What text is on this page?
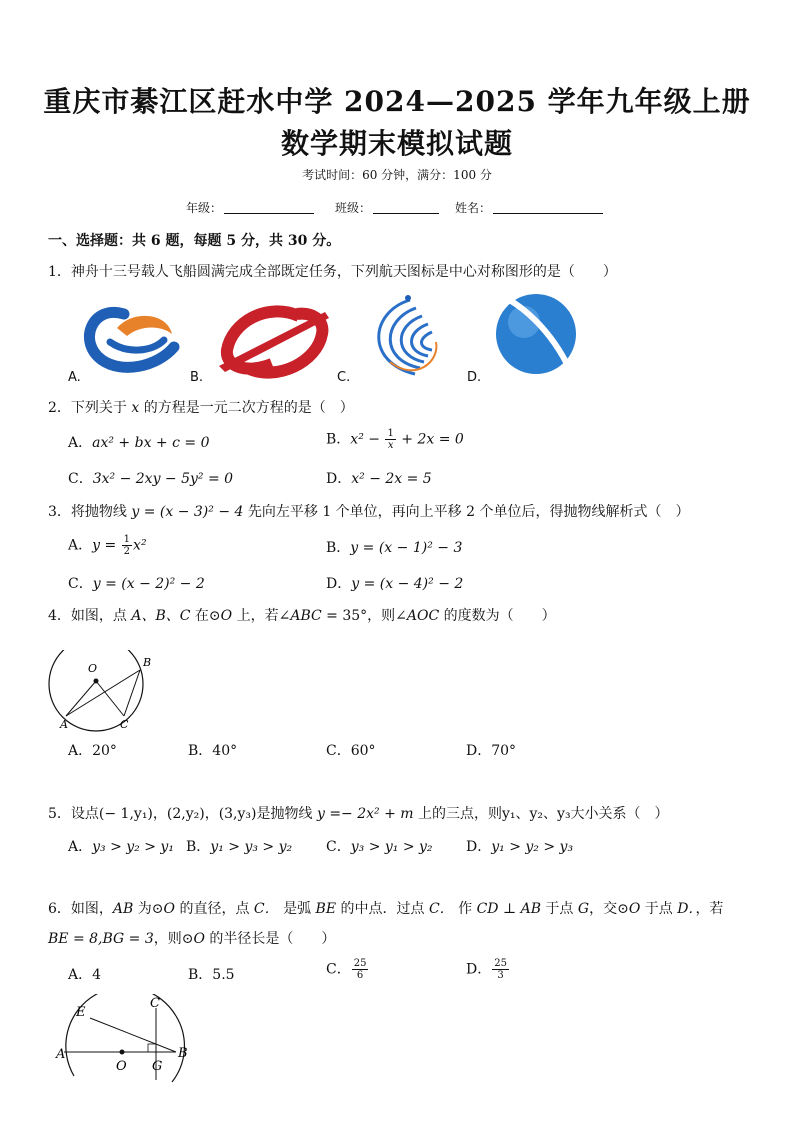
重庆市綦江区赶水中学 2024—2025 学年九年级上册
数学期末模拟试题
考试时间：60 分钟，满分：100 分
年级：	班级：	姓名：
一、选择题：共 6 题，每题 5 分，共 30 分。
1．神舟十三号载人飞船圆满完成全部既定任务，下列航天图标是中心对称图形的是（　　）
A.	B.	C.	D.
2．下列关于 x 的方程是一元二次方程的是（　）
A．ax² + bx + c = 0	B．$x^2 - \frac{1}{x} + 2x = 0$
C．3x² − 2xy − 5y² = 0	D．x² − 2x = 5
3．将抛物线 y = (x − 3)² − 4 先向左平移 1 个单位，再向上平移 2 个单位后，得抛物线解析式（　）
A．$y = \frac{1}{2} x^2$	B．y = (x − 1)² − 3
C．y = (x − 2)² − 2	D．y = (x − 4)² − 2
4．如图，点 A、B、C 在⊙O 上，若∠ABC = 35°，则∠AOC 的度数为（　　）
O	B
A	C
A．20°	B．40°	C．60°	D．70°
5．设点(− 1,y₁)，(2,y₂)，(3,y₃)是抛物线 y =− 2x² + m 上的三点，则y₁、y₂、y₃大小关系（　）
A．y₃ > y₂ > y₁ B．y₁ > y₃ > y₂ C．y₃ > y₁ > y₂ D．y₁ > y₂ > y₃
6．如图，AB 为⊙O 的直径，点 C． 是弧 BE 的中点．过点 C． 作 CD ⊥ AB 于点 G，交⊙O 于点 D．，若
BE = 8,BG = 3，则⊙O 的半径长是（　　）
A．4	B．5.5	C． $\frac{25}{6}$	D． $\frac{25}{3}$
E
C
A
O G
B
